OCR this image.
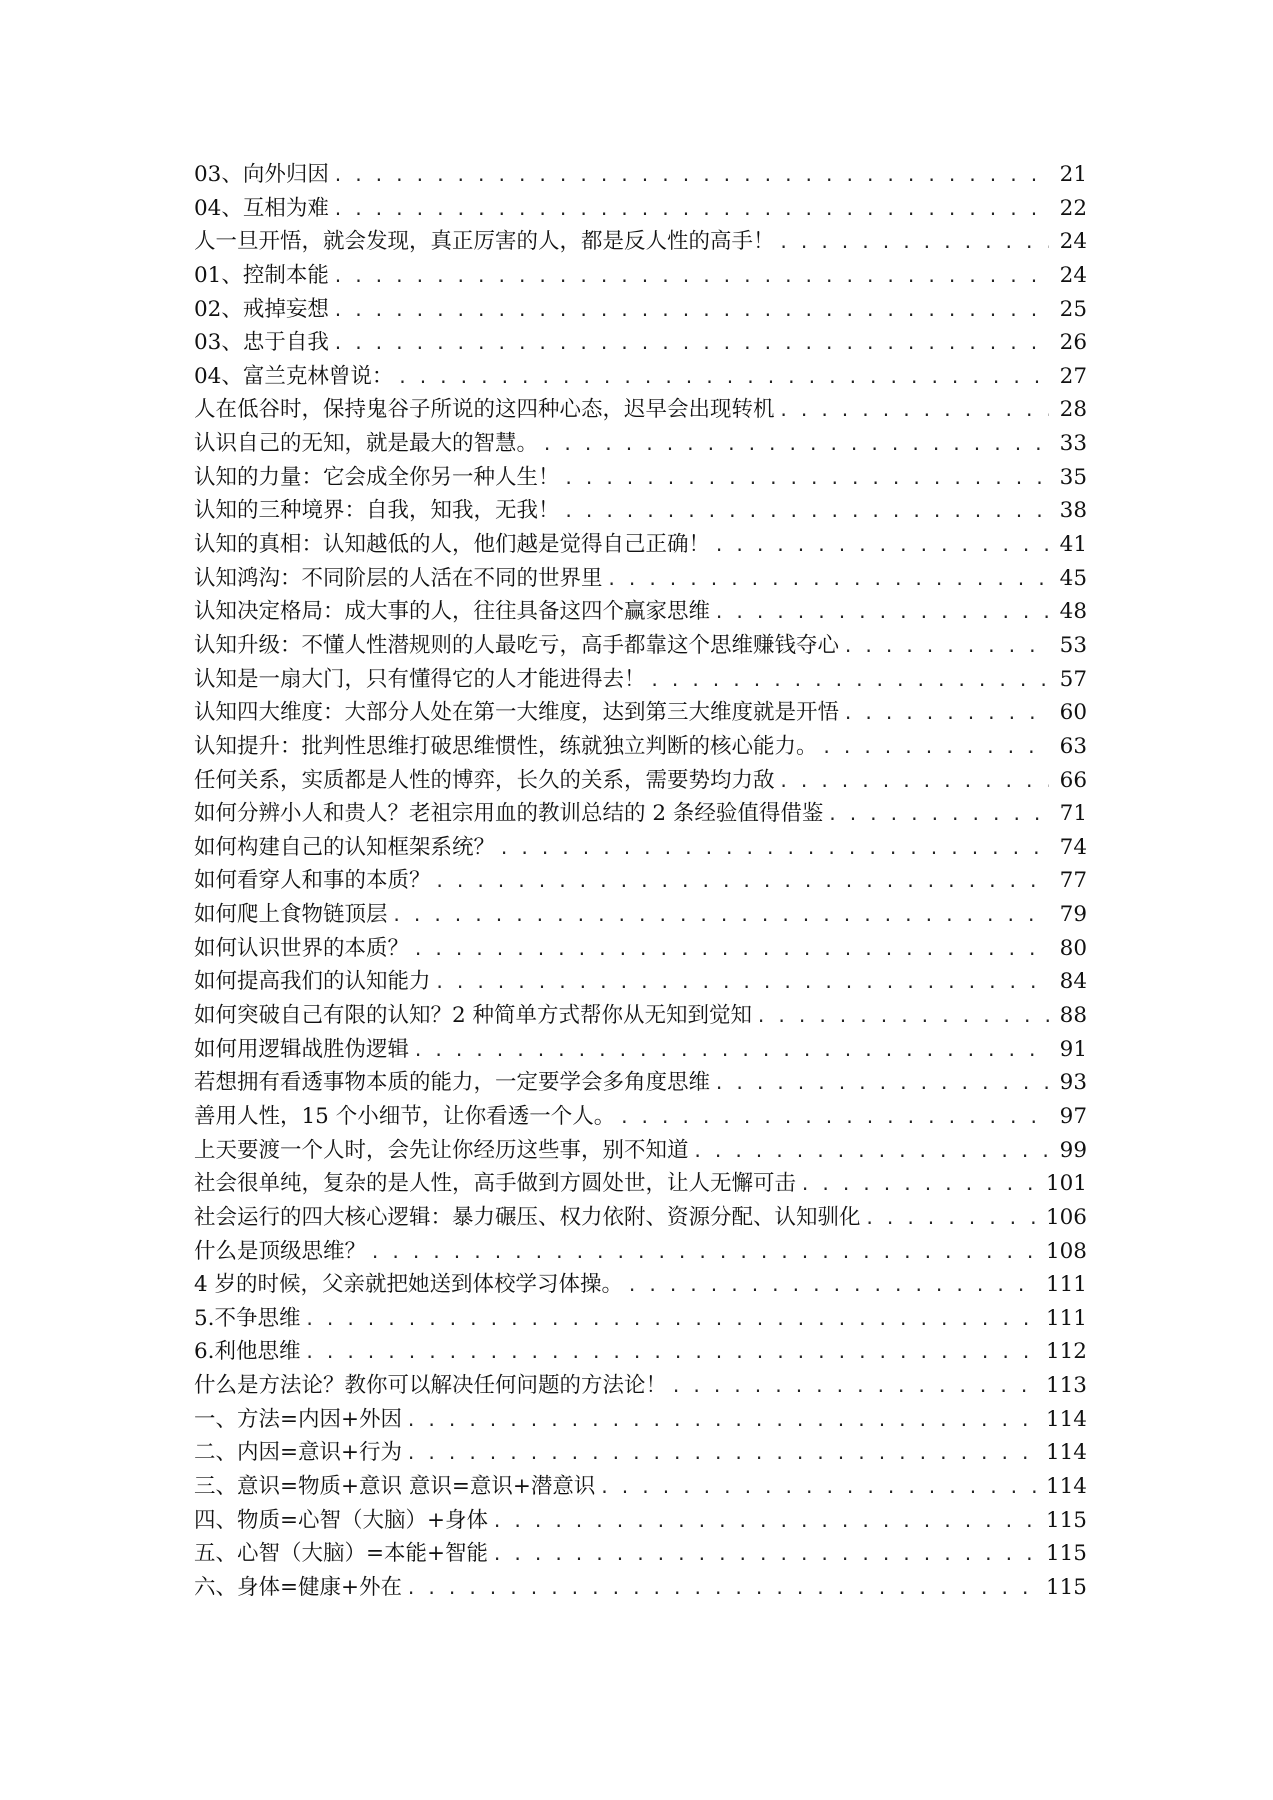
03、向外归因 . . .	21
04、互相为难 . . .	22
人一旦开悟，就会发现，真正厉害的人，都是反人性的高手！ . . .	24
01、控制本能 . . .	24
02、戒掉妄想 . . .	25
03、忠于自我 . . .	26
04、富兰克林曾说： . . .	27
人在低谷时，保持鬼谷子所说的这四种心态，迟早会出现转机 . . .	28
认识自己的无知，就是最大的智慧。 . . .	33
认知的力量：它会成全你另一种人生！ . . .	35
认知的三种境界：自我，知我，无我！ . . .	38
认知的真相：认知越低的人，他们越是觉得自己正确！ . . .	41
认知鸿沟：不同阶层的人活在不同的世界里 . . .	45
认知决定格局：成大事的人，往往具备这四个赢家思维 . . .	48
认知升级：不懂人性潜规则的人最吃亏，高手都靠这个思维赚钱夺心 . . .	53
认知是一扇大门，只有懂得它的人才能进得去！ . . .	57
认知四大维度：大部分人处在第一大维度，达到第三大维度就是开悟 . . .	60
认知提升：批判性思维打破思维惯性，练就独立判断的核心能力。 . . .	63
任何关系，实质都是人性的博弈，长久的关系，需要势均力敌 . . .	66
如何分辨小人和贵人？老祖宗用血的教训总结的 2 条经验值得借鉴 . . .	71
如何构建自己的认知框架系统？ . . .	74
如何看穿人和事的本质？ . . .	77
如何爬上食物链顶层 . . .	79
如何认识世界的本质？ . . .	80
如何提高我们的认知能力 . . .	84
如何突破自己有限的认知？2 种简单方式帮你从无知到觉知 . . .	88
如何用逻辑战胜伪逻辑 . . .	91
若想拥有看透事物本质的能力，一定要学会多角度思维 . . .	93
善用人性，15 个小细节，让你看透一个人。 . . .	97
上天要渡一个人时，会先让你经历这些事，别不知道 . . .	99
社会很单纯，复杂的是人性，高手做到方圆处世，让人无懈可击 . . .	101
社会运行的四大核心逻辑：暴力碾压、权力依附、资源分配、认知驯化 . . .	106
什么是顶级思维？ . . .	108
4 岁的时候，父亲就把她送到体校学习体操。 . . .	111
5.不争思维 . . .	111
6.利他思维 . . .	112
什么是方法论？教你可以解决任何问题的方法论！ . . .	113
一、方法=内因+外因 . . .	114
二、内因=意识+行为 . . .	114
三、意识=物质+意识 意识=意识+潜意识 . . .	114
四、物质=心智（大脑）+身体 . . .	115
五、心智（大脑）=本能+智能 . . .	115
六、身体=健康+外在 . . .	115
